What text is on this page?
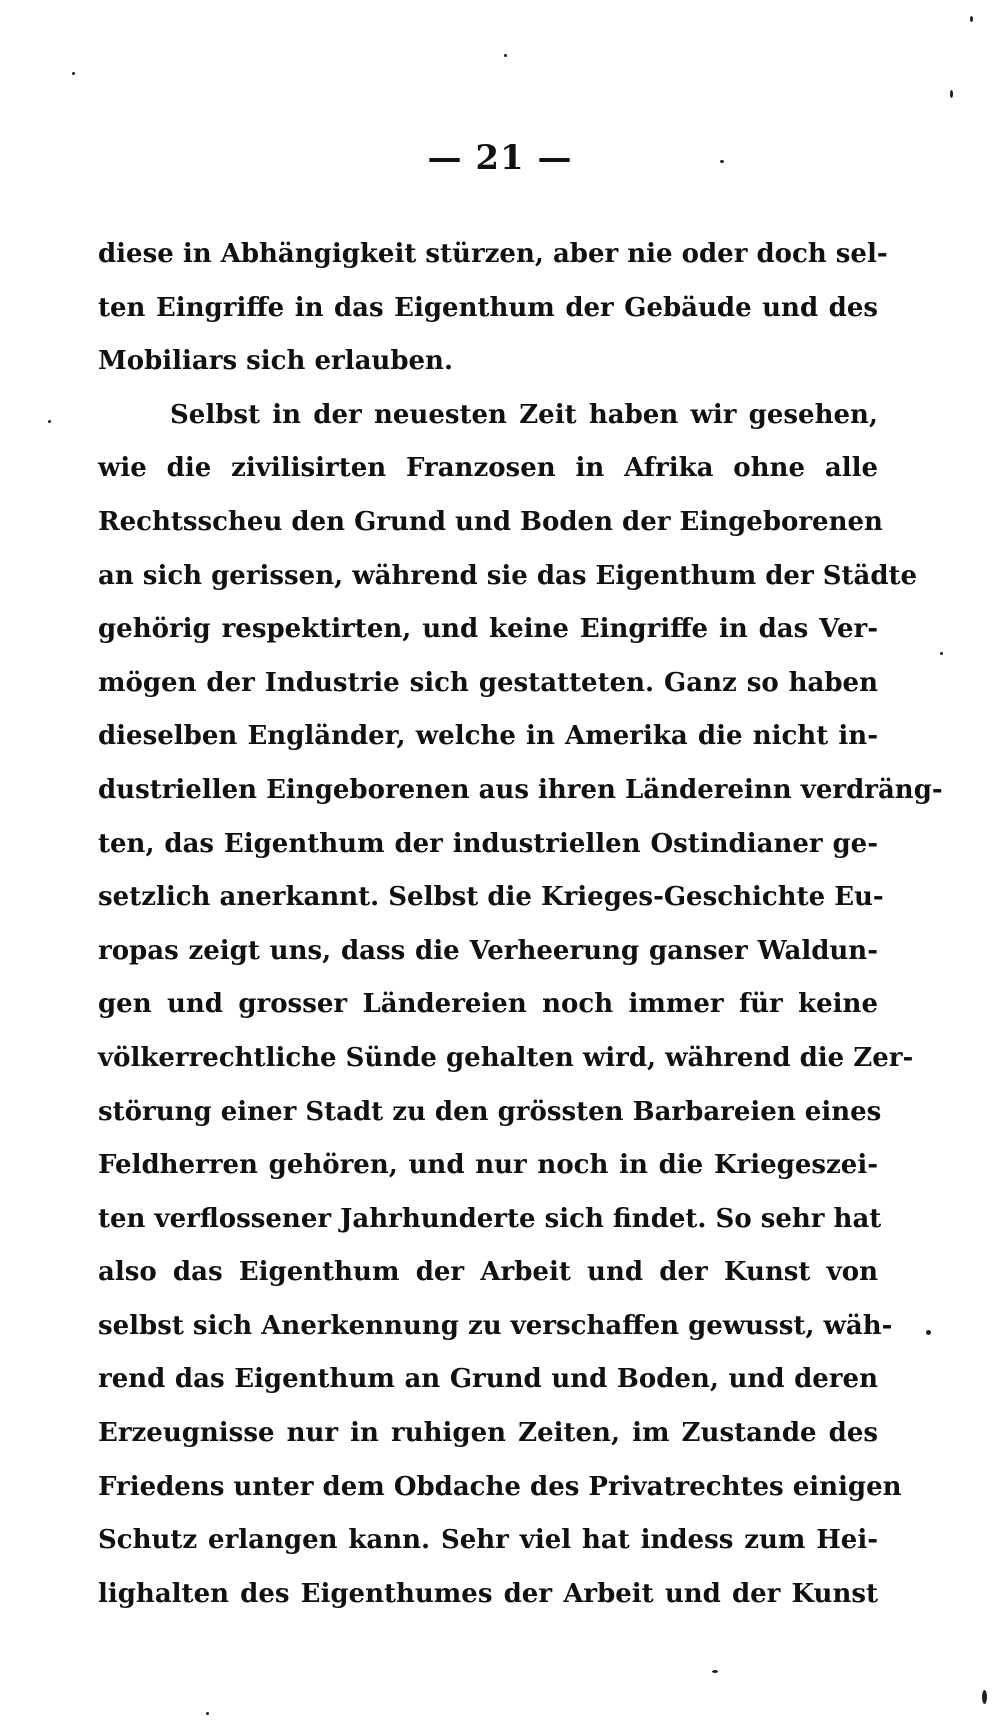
— 21 —
diese in Abhängigkeit stürzen, aber nie oder doch sel-
ten Eingriffe in das Eigenthum der Gebäude und des
Mobiliars sich erlauben.
Selbst in der neuesten Zeit haben wir gesehen,
wie die zivilisirten Franzosen in Afrika ohne alle
Rechtsscheu den Grund und Boden der Eingeborenen
an sich gerissen, während sie das Eigenthum der Städte
gehörig respektirten, und keine Eingriffe in das Ver-
mögen der Industrie sich gestatteten. Ganz so haben
dieselben Engländer, welche in Amerika die nicht in-
dustriellen Eingeborenen aus ihren Ländereinn verdräng-
ten, das Eigenthum der industriellen Ostindianer ge-
setzlich anerkannt. Selbst die Krieges-Geschichte Eu-
ropas zeigt uns, dass die Verheerung ganser Waldun-
gen und grosser Ländereien noch immer für keine
völkerrechtliche Sünde gehalten wird, während die Zer-
störung einer Stadt zu den grössten Barbareien eines
Feldherren gehören, und nur noch in die Kriegeszei-
ten verflossener Jahrhunderte sich findet. So sehr hat
also das Eigenthum der Arbeit und der Kunst von
selbst sich Anerkennung zu verschaffen gewusst, wäh-
rend das Eigenthum an Grund und Boden, und deren
Erzeugnisse nur in ruhigen Zeiten, im Zustande des
Friedens unter dem Obdache des Privatrechtes einigen
Schutz erlangen kann. Sehr viel hat indess zum Hei-
lighalten des Eigenthumes der Arbeit und der Kunst
